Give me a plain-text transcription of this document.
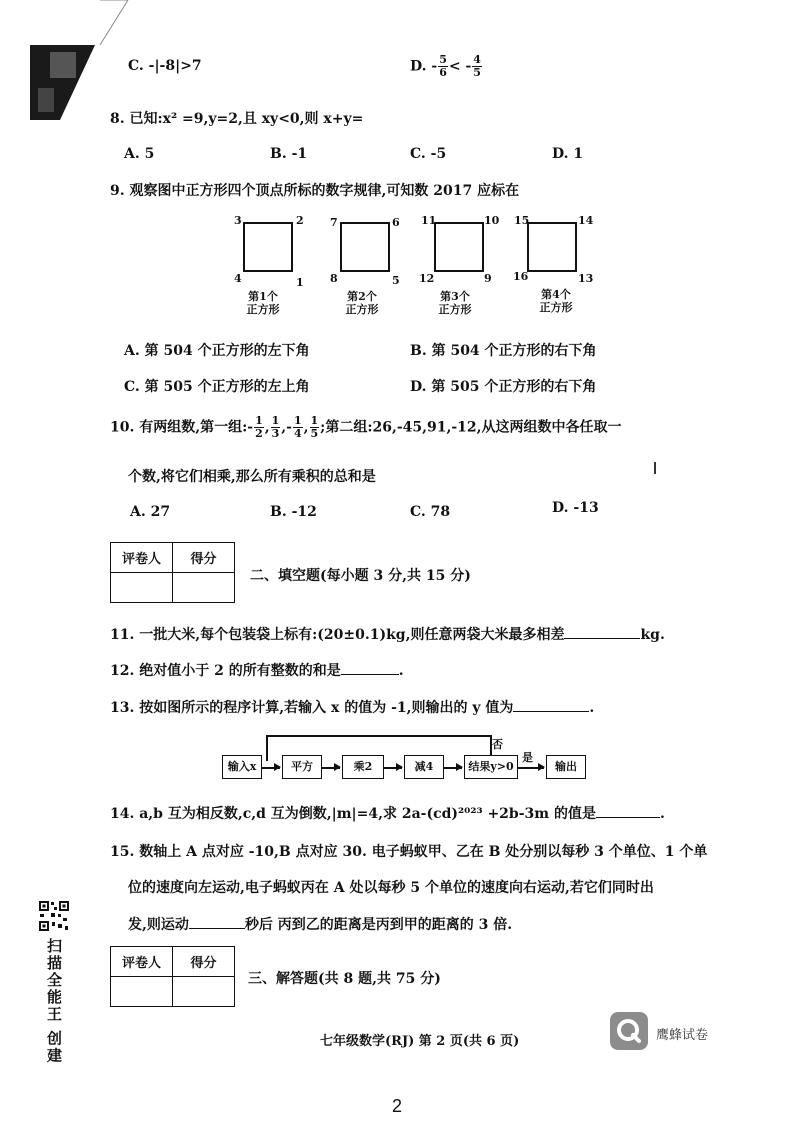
C. -|-8|>7	D. - $\frac{5}{6}$ < - $\frac{4}{5}$
8. 已知:x² =9,y=2,且 xy<0,则 x+y=
A. 5	B. -1	C. -5	D. 1
9. 观察图中正方形四个顶点所标的数字规律,可知数 2017 应标在
3	2
4	1
第1个
正方形
7	6
8	5
第2个
正方形
11	10
12	9
第3个
正方形
15	14
16	13
第4个
正方形
A. 第 504 个正方形的左下角	B. 第 504 个正方形的右下角
C. 第 505 个正方形的左上角	D. 第 505 个正方形的右下角
10. 有两组数,第一组:- $\frac{1}{2}$ , $\frac{1}{3}$ ,- $\frac{1}{4}$ , $\frac{1}{5}$ ;第二组:26,-45,91,-12,从这两组数中各任取一
个数,将它们相乘,那么所有乘积的总和是
A. 27	B. -12	C. 78	D. -13
评卷人	得分

二、填空题(每小题 3 分,共 15 分)
11. 一批大米,每个包装袋上标有:(20±0.1)kg,则任意两袋大米最多相差	kg.
12. 绝对值小于 2 的所有整数的和是	.
13. 按如图所示的程序计算,若输入 x 的值为 -1,则输出的 y 值为	.
输入x	平方	乘2	减4	结果y>0
是
输出
否
14. a,b 互为相反数,c,d 互为倒数,|m|=4,求 2a-(cd)²⁰²³ +2b-3m 的值是	.
15. 数轴上 A 点对应 -10,B 点对应 30. 电子蚂蚁甲、乙在 B 处分别以每秒 3 个单位、1 个单
位的速度向左运动,电子蚂蚁丙在 A 处以每秒 5 个单位的速度向右运动,若它们同时出
发,则运动	秒后 丙到乙的距离是丙到甲的距离的 3 倍.
扫描全能王 创建	评卷人	得分

三、解答题(共 8 题,共 75 分)
七年级数学(RJ) 第 2 页(共 6 页)	鹰蜂试卷
2
